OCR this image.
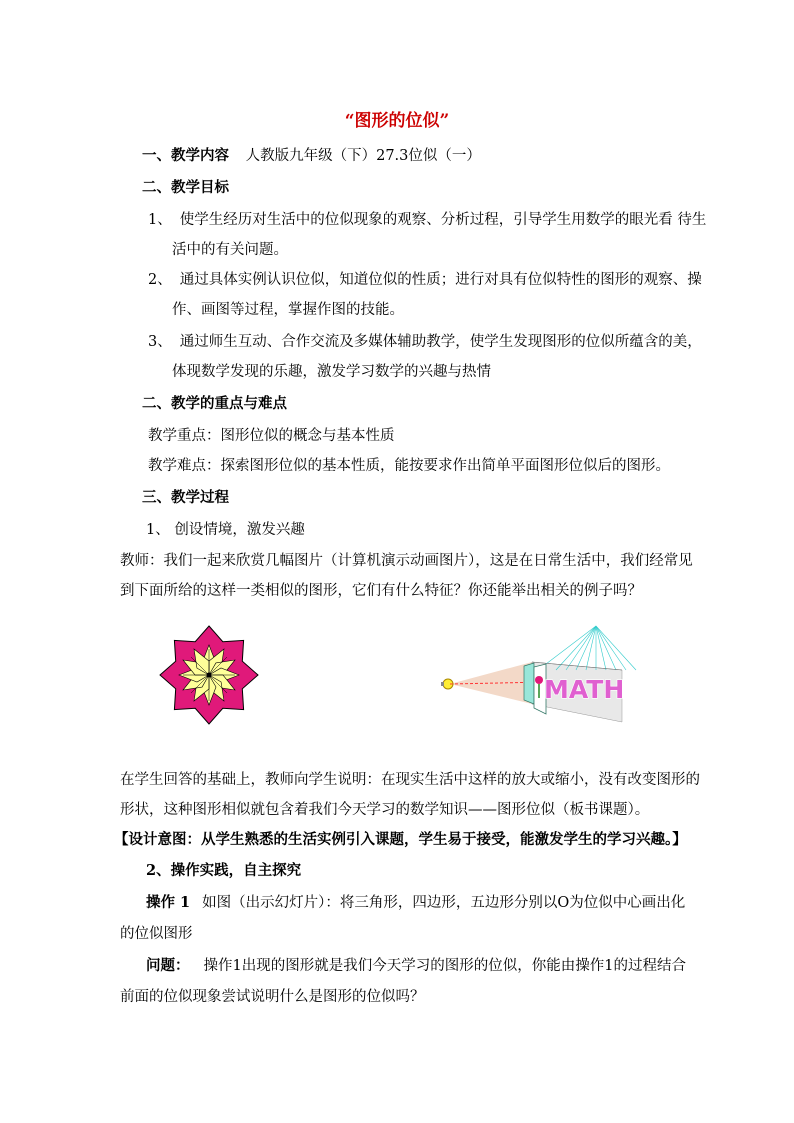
“图形的位似”
一、教学内容 人教版九年级（下）27.3位似（一）
二、教学目标
1、 使学生经历对生活中的位似现象的观察、分析过程，引导学生用数学的眼光看 待生
活中的有关问题。
2、 通过具体实例认识位似，知道位似的性质；进行对具有位似特性的图形的观察、操
作、画图等过程，掌握作图的技能。
3、 通过师生互动、合作交流及多媒体辅助教学，使学生发现图形的位似所蕴含的美，
体现数学发现的乐趣，激发学习数学的兴趣与热情
二、教学的重点与难点
教学重点：图形位似的概念与基本性质
教学难点：探索图形位似的基本性质，能按要求作出简单平面图形位似后的图形。
三、教学过程
1、 创设情境，激发兴趣
教师：我们一起来欣赏几幅图片（计算机演示动画图片），这是在日常生活中，我们经常见
到下面所给的这样一类相似的图形，它们有什么特征？你还能举出相关的例子吗？
MATH
在学生回答的基础上，教师向学生说明：在现实生活中这样的放大或缩小，没有改变图形的
形状，这种图形相似就包含着我们今天学习的数学知识——图形位似（板书课题）。
【设计意图：从学生熟悉的生活实例引入课题，学生易于接受，能激发学生的学习兴趣。】
2、操作实践，自主探究
操作 1 如图（出示幻灯片）：将三角形，四边形，五边形分别以O为位似中心画出化
的位似图形
问题： 操作1出现的图形就是我们今天学习的图形的位似，你能由操作1的过程结合
前面的位似现象尝试说明什么是图形的位似吗？
